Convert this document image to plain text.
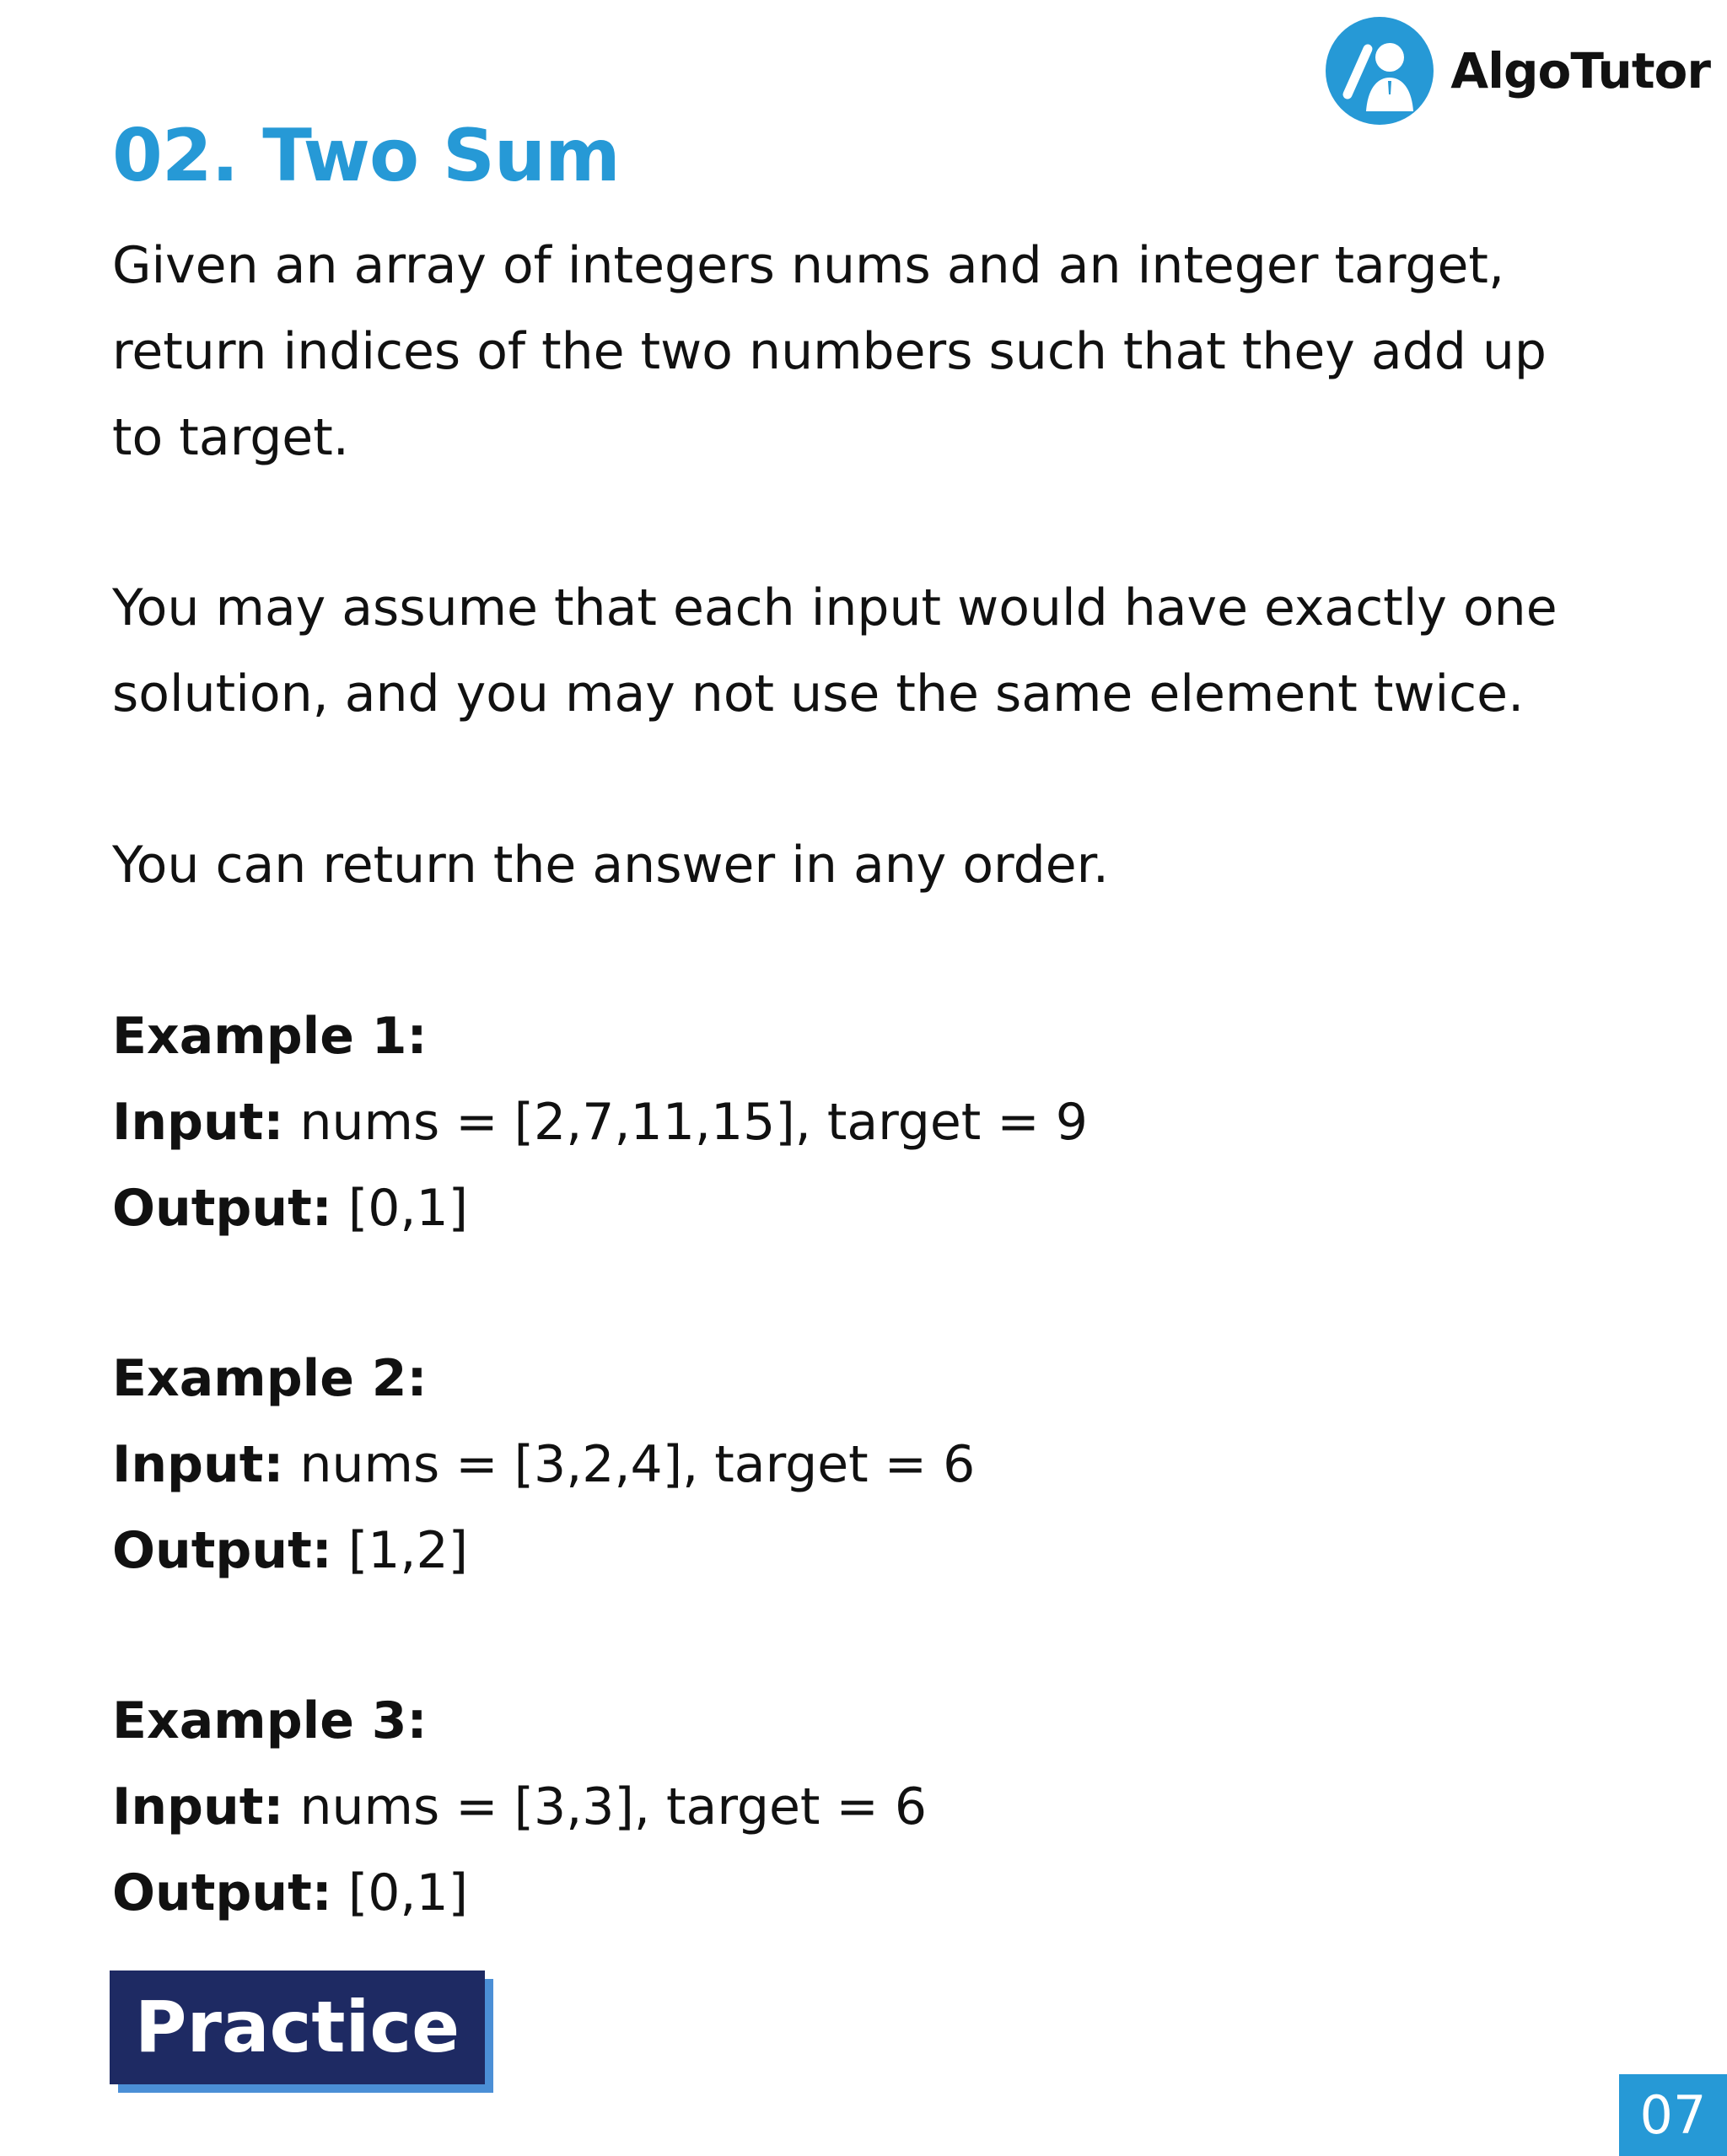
AlgoTutor
02. Two Sum

Given an array of integers nums and an integer target,
return indices of the two numbers such that they add up
to target.

You may assume that each input would have exactly one
solution, and you may not use the same element twice.

You can return the answer in any order.

Example 1:
Input: nums = [2,7,11,15], target = 9
Output: [0,1]
Example 2:
Input: nums = [3,2,4], target = 6
Output: [1,2]
Example 3:
Input: nums = [3,3], target = 6
Output: [0,1]
Practice
07
